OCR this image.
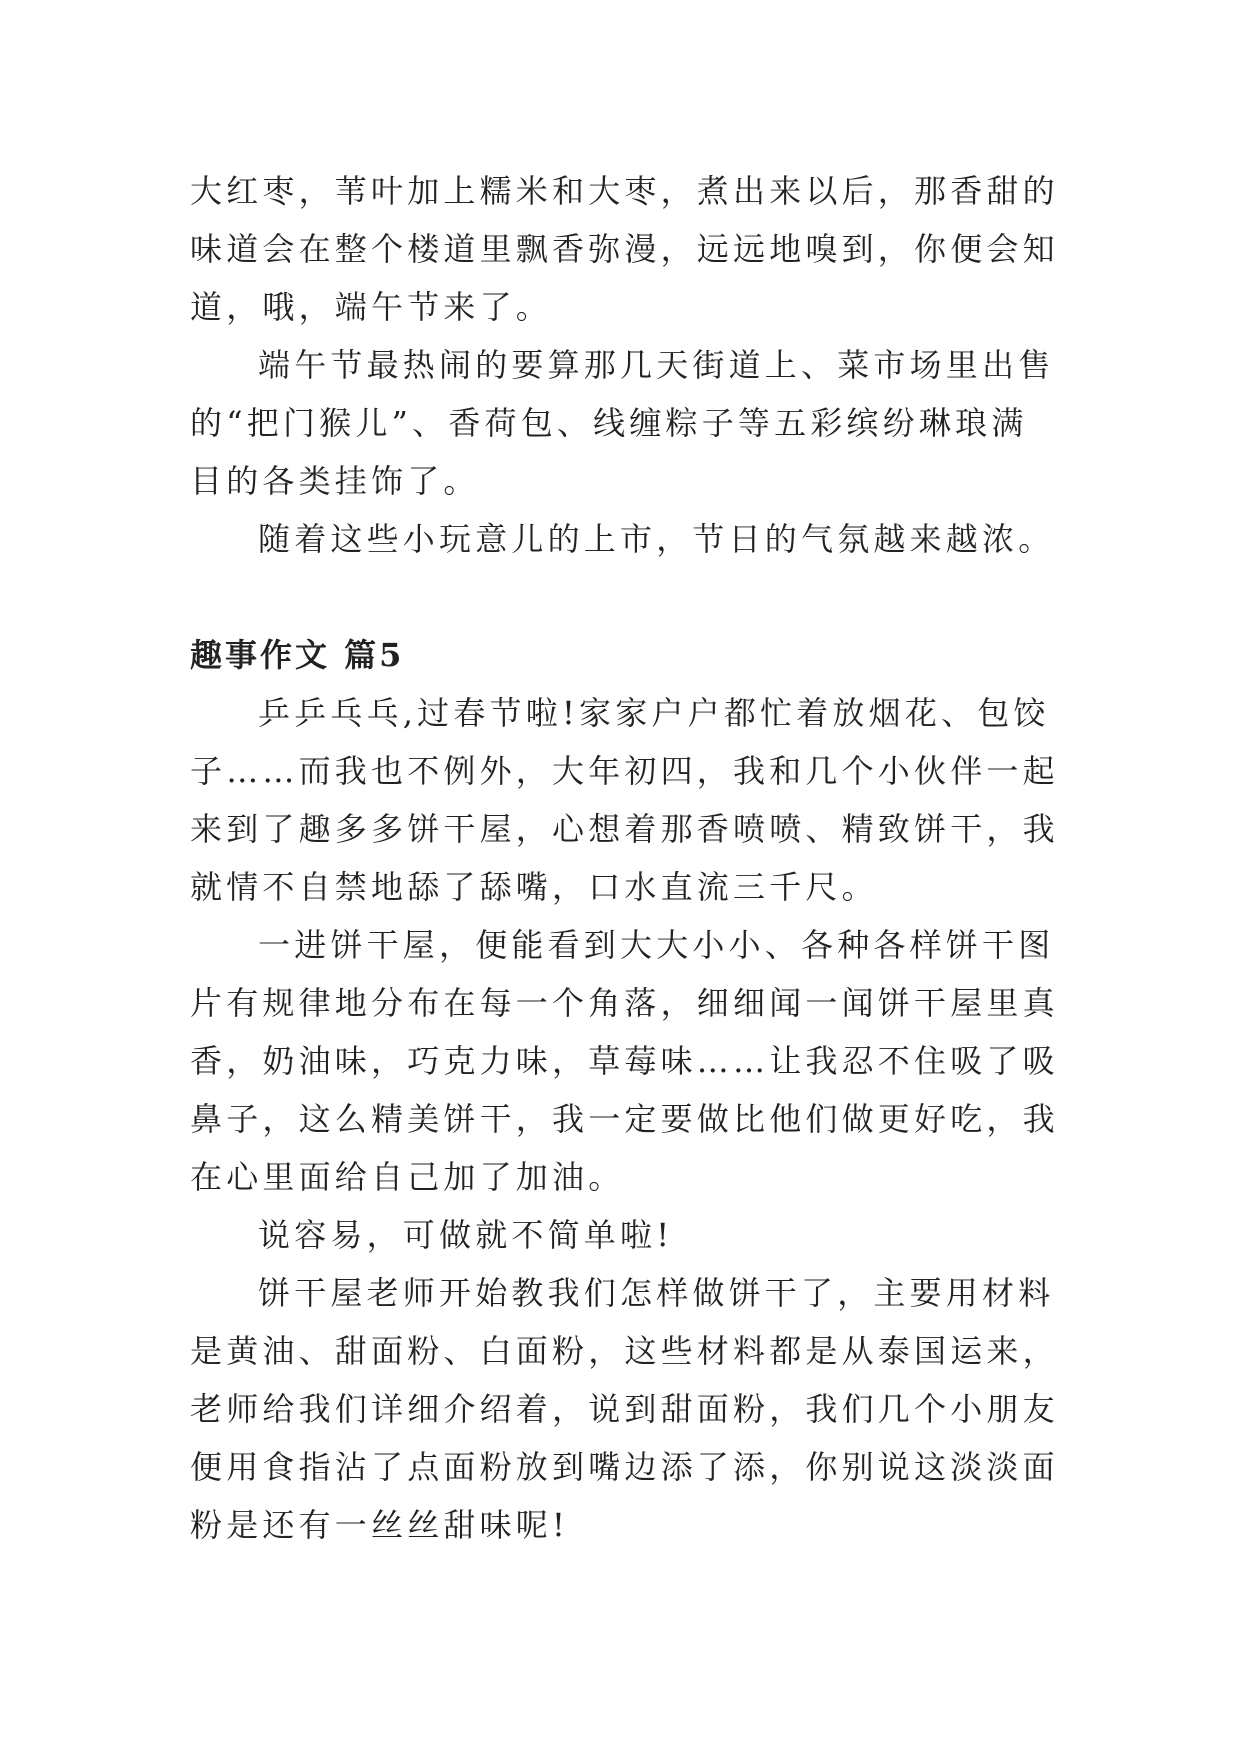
大红枣，苇叶加上糯米和大枣，煮出来以后，那香甜的味道会在整个楼道里飘香弥漫，远远地嗅到，你便会知道，哦，端午节来了。

端午节最热闹的要算那几天街道上、菜市场里出售的“把门猴儿”、香荷包、线缠粽子等五彩缤纷琳琅满目的各类挂饰了。

随着这些小玩意儿的上市，节日的气氛越来越浓。

趣事作文 篇5

乒乒乓乓,过春节啦!家家户户都忙着放烟花、包饺子……而我也不例外，大年初四，我和几个小伙伴一起来到了趣多多饼干屋，心想着那香喷喷、精致饼干，我就情不自禁地舔了舔嘴，口水直流三千尺。

一进饼干屋，便能看到大大小小、各种各样饼干图片有规律地分布在每一个角落，细细闻一闻饼干屋里真香，奶油味，巧克力味，草莓味……让我忍不住吸了吸鼻子，这么精美饼干，我一定要做比他们做更好吃，我在心里面给自己加了加油。

说容易，可做就不简单啦!

饼干屋老师开始教我们怎样做饼干了，主要用材料是黄油、甜面粉、白面粉，这些材料都是从泰国运来，老师给我们详细介绍着，说到甜面粉，我们几个小朋友便用食指沾了点面粉放到嘴边添了添，你别说这淡淡面粉是还有一丝丝甜味呢!
